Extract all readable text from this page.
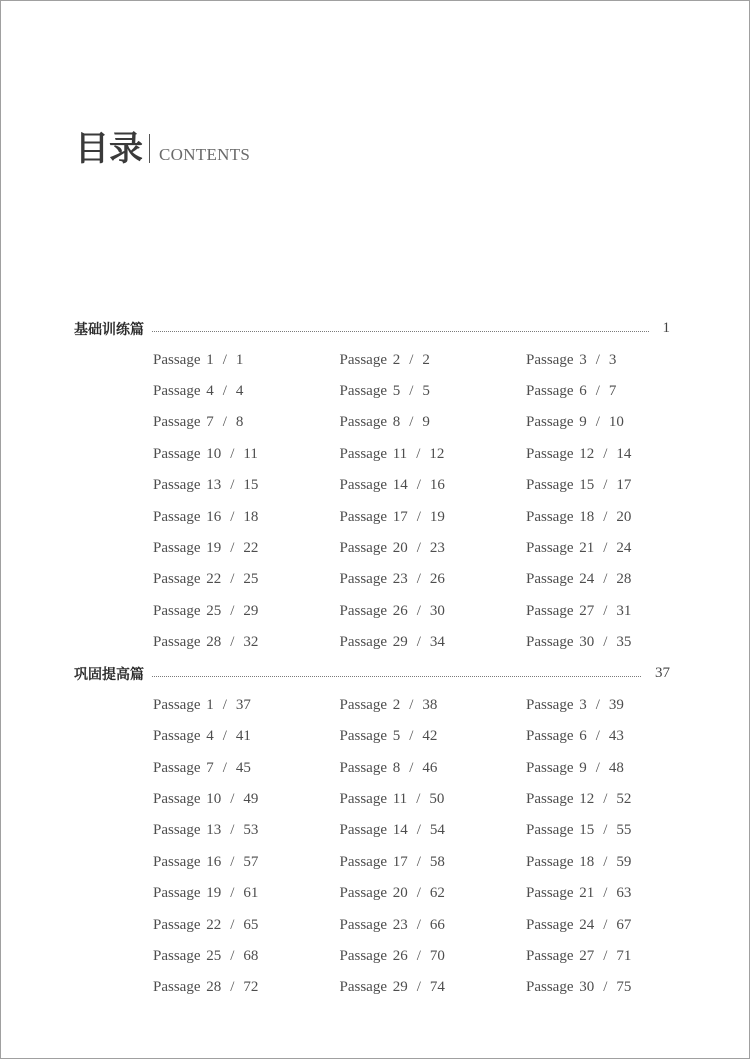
目录 CONTENTS
基础训练篇	1
Passage 1 / 1	Passage 2 / 2	Passage 3 / 3
Passage 4 / 4	Passage 5 / 5	Passage 6 / 7
Passage 7 / 8	Passage 8 / 9	Passage 9 / 10
Passage 10 / 11	Passage 11 / 12	Passage 12 / 14
Passage 13 / 15	Passage 14 / 16	Passage 15 / 17
Passage 16 / 18	Passage 17 / 19	Passage 18 / 20
Passage 19 / 22	Passage 20 / 23	Passage 21 / 24
Passage 22 / 25	Passage 23 / 26	Passage 24 / 28
Passage 25 / 29	Passage 26 / 30	Passage 27 / 31
Passage 28 / 32	Passage 29 / 34	Passage 30 / 35
巩固提高篇	37
Passage 1 / 37	Passage 2 / 38	Passage 3 / 39
Passage 4 / 41	Passage 5 / 42	Passage 6 / 43
Passage 7 / 45	Passage 8 / 46	Passage 9 / 48
Passage 10 / 49	Passage 11 / 50	Passage 12 / 52
Passage 13 / 53	Passage 14 / 54	Passage 15 / 55
Passage 16 / 57	Passage 17 / 58	Passage 18 / 59
Passage 19 / 61	Passage 20 / 62	Passage 21 / 63
Passage 22 / 65	Passage 23 / 66	Passage 24 / 67
Passage 25 / 68	Passage 26 / 70	Passage 27 / 71
Passage 28 / 72	Passage 29 / 74	Passage 30 / 75
